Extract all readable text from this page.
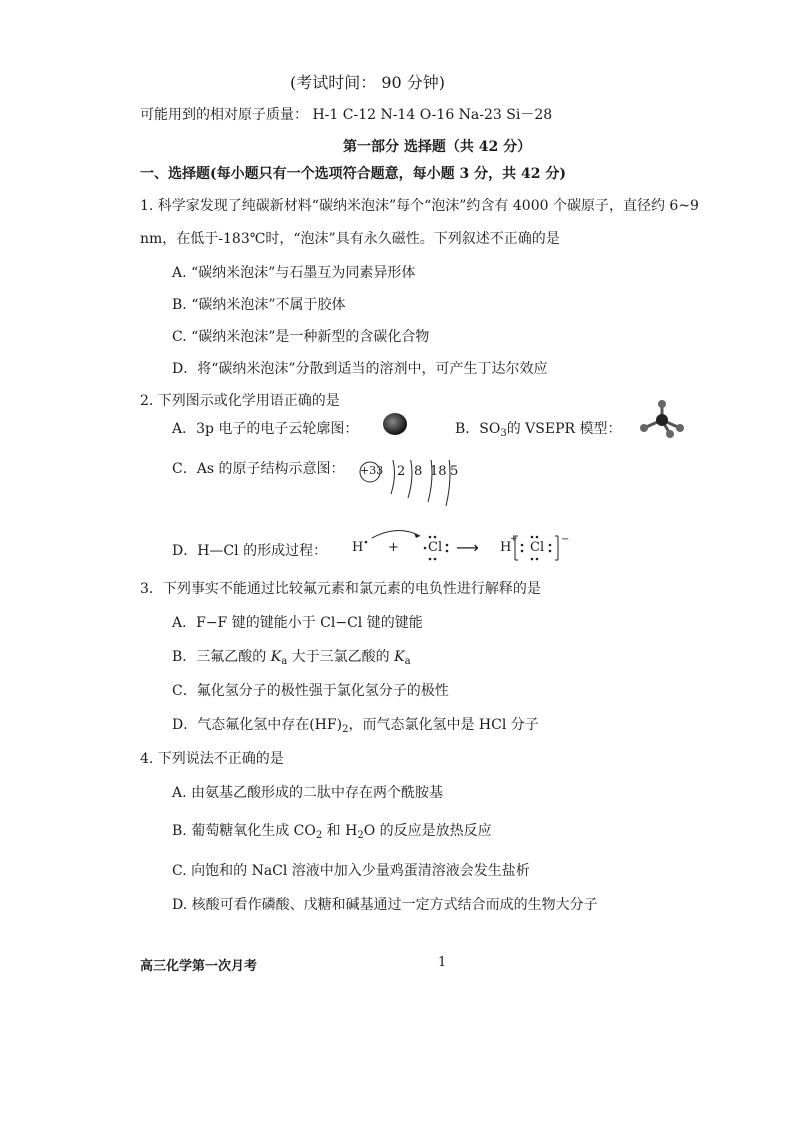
(考试时间： 90 分钟)
可能用到的相对原子质量： H-1 C-12 N-14 O-16 Na-23 Si－28
第一部分 选择题（共 42 分）
一、选择题(每小题只有一个选项符合题意，每小题 3 分，共 42 分)
1. 科学家发现了纯碳新材料“碳纳米泡沫”每个“泡沫”约含有 4000 个碳原子，直径约 6~9
nm，在低于-183℃时，“泡沫”具有永久磁性。下列叙述不正确的是
A. “碳纳米泡沫”与石墨互为同素异形体
B. “碳纳米泡沫”不属于胶体
C. “碳纳米泡沫”是一种新型的含碳化合物
D．将“碳纳米泡沫”分散到适当的溶剂中，可产生丁达尔效应
2. 下列图示或化学用语正确的是
A．3p 电子的电子云轮廓图：	B．$SO_3$的 VSEPR 模型：
C．As 的原子结构示意图： +33 2 8 18 5
D．H—Cl 的形成过程： H + Cl ⟶ H
+
Cl
−
3．下列事实不能通过比较氟元素和氯元素的电负性进行解释的是
A．F−F 键的键能小于 Cl−Cl 键的键能
B．三氟乙酸的 $K_a$ 大于三氯乙酸的 $K_a$
C．氟化氢分子的极性强于氯化氢分子的极性
D．气态氟化氢中存在$(HF)_2$，而气态氯化氢中是 HCl 分子
4. 下列说法不正确的是
A. 由氨基乙酸形成的二肽中存在两个酰胺基
B. 葡萄糖氧化生成 $CO_2$ 和 $H_2O$ 的反应是放热反应
C. 向饱和的 NaCl 溶液中加入少量鸡蛋清溶液会发生盐析
D. 核酸可看作磷酸、戊糖和碱基通过一定方式结合而成的生物大分子
高三化学第一次月考	1
